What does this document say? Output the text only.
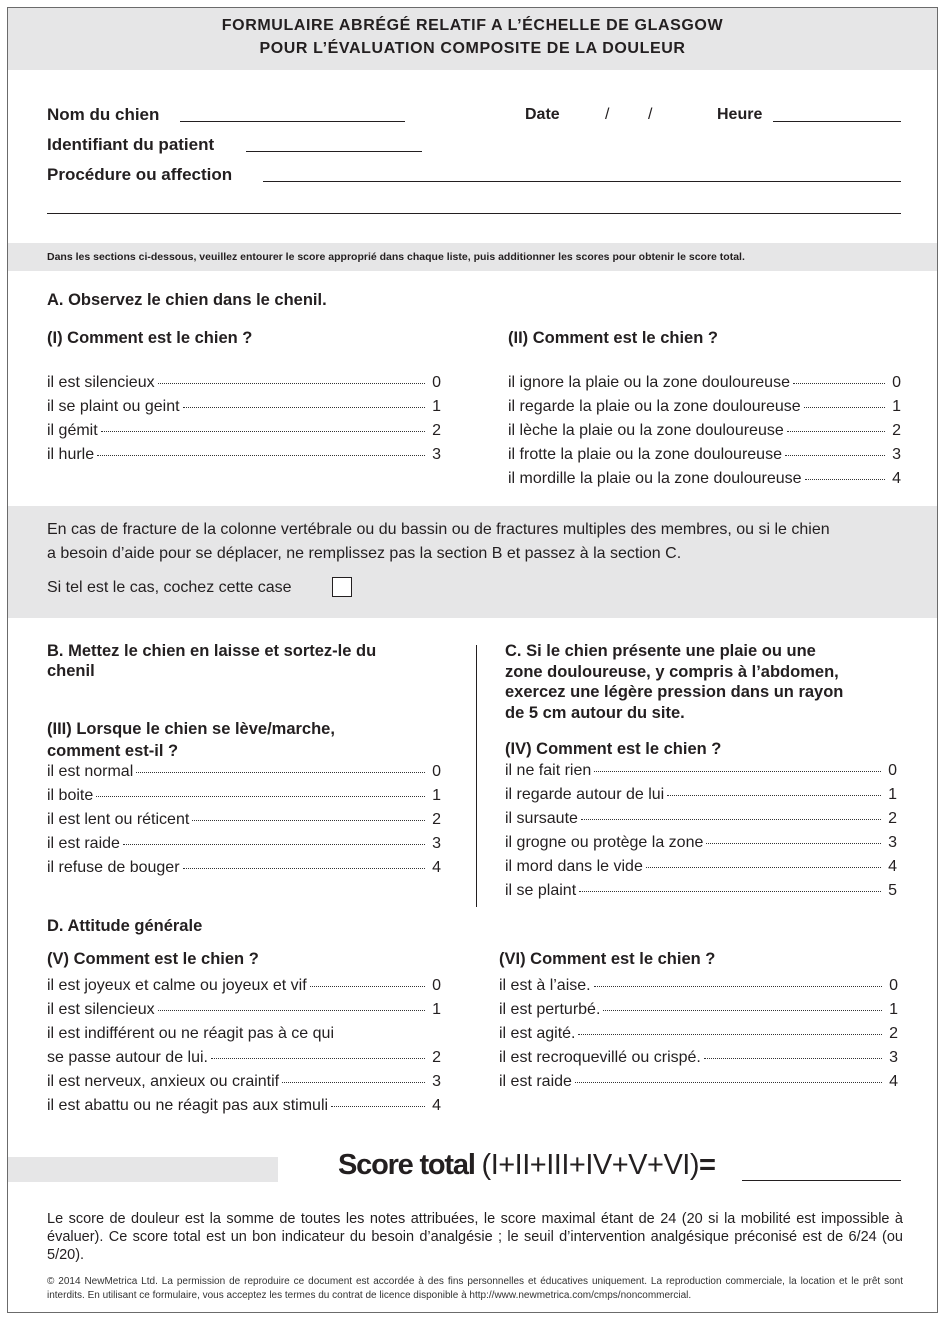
FORMULAIRE ABRÉGÉ RELATIF A L’ÉCHELLE DE GLASGOW
POUR L’ÉVALUATION COMPOSITE DE LA DOULEUR
Nom du chien	Date	/ /	Heure
Identifiant du patient
Procédure ou affection
Dans les sections ci-dessous, veuillez entourer le score approprié dans chaque liste, puis additionner les scores pour obtenir le score total.
A. Observez le chien dans le chenil.
(I) Comment est le chien ?
il est silencieux	0
il se plaint ou geint	1
il gémit	2
il hurle	3
(II) Comment est le chien ?
il ignore la plaie ou la zone douloureuse	0
il regarde la plaie ou la zone douloureuse	1
il lèche la plaie ou la zone douloureuse	2
il frotte la plaie ou la zone douloureuse	3
il mordille la plaie ou la zone douloureuse	4
En cas de fracture de la colonne vertébrale ou du bassin ou de fractures multiples des membres, ou si le chien
a besoin d’aide pour se déplacer, ne remplissez pas la section B et passez à la section C.
Si tel est le cas, cochez cette case
B. Mettez le chien en laisse et sortez-le du
chenil
(III) Lorsque le chien se lève/marche,
comment est-il ?
il est normal	0
il boite	1
il est lent ou réticent	2
il est raide	3
il refuse de bouger	4
C. Si le chien présente une plaie ou une
zone douloureuse, y compris à l’abdomen,
exercez une légère pression dans un rayon
de 5 cm autour du site.
(IV) Comment est le chien ?
il ne fait rien	0
il regarde autour de lui	1
il sursaute	2
il grogne ou protège la zone	3
il mord dans le vide	4
il se plaint	5
D. Attitude générale
(V) Comment est le chien ?
il est joyeux et calme ou joyeux et vif	0
il est silencieux	1
il est indifférent ou ne réagit pas à ce qui
se passe autour de lui.	2
il est nerveux, anxieux ou craintif	3
il est abattu ou ne réagit pas aux stimuli	4
(VI) Comment est le chien ?
il est à l’aise.	0
il est perturbé.	1
il est agité.	2
il est recroquevillé ou crispé.	3
il est raide	4
Score total (I+II+III+IV+V+VI)=
Le score de douleur est la somme de toutes les notes attribuées, le score maximal étant de 24 (20 si la mobilité est impossible à évaluer). Ce score total est un bon indicateur du besoin d’analgésie ; le seuil d’intervention analgésique préconisé est de 6/24 (ou 5/20).
© 2014 NewMetrica Ltd. La permission de reproduire ce document est accordée à des fins personnelles et éducatives uniquement. La reproduction commerciale, la location et le prêt sont interdits. En utilisant ce formulaire, vous acceptez les termes du contrat de licence disponible à http://www.newmetrica.com/cmps/noncommercial.
